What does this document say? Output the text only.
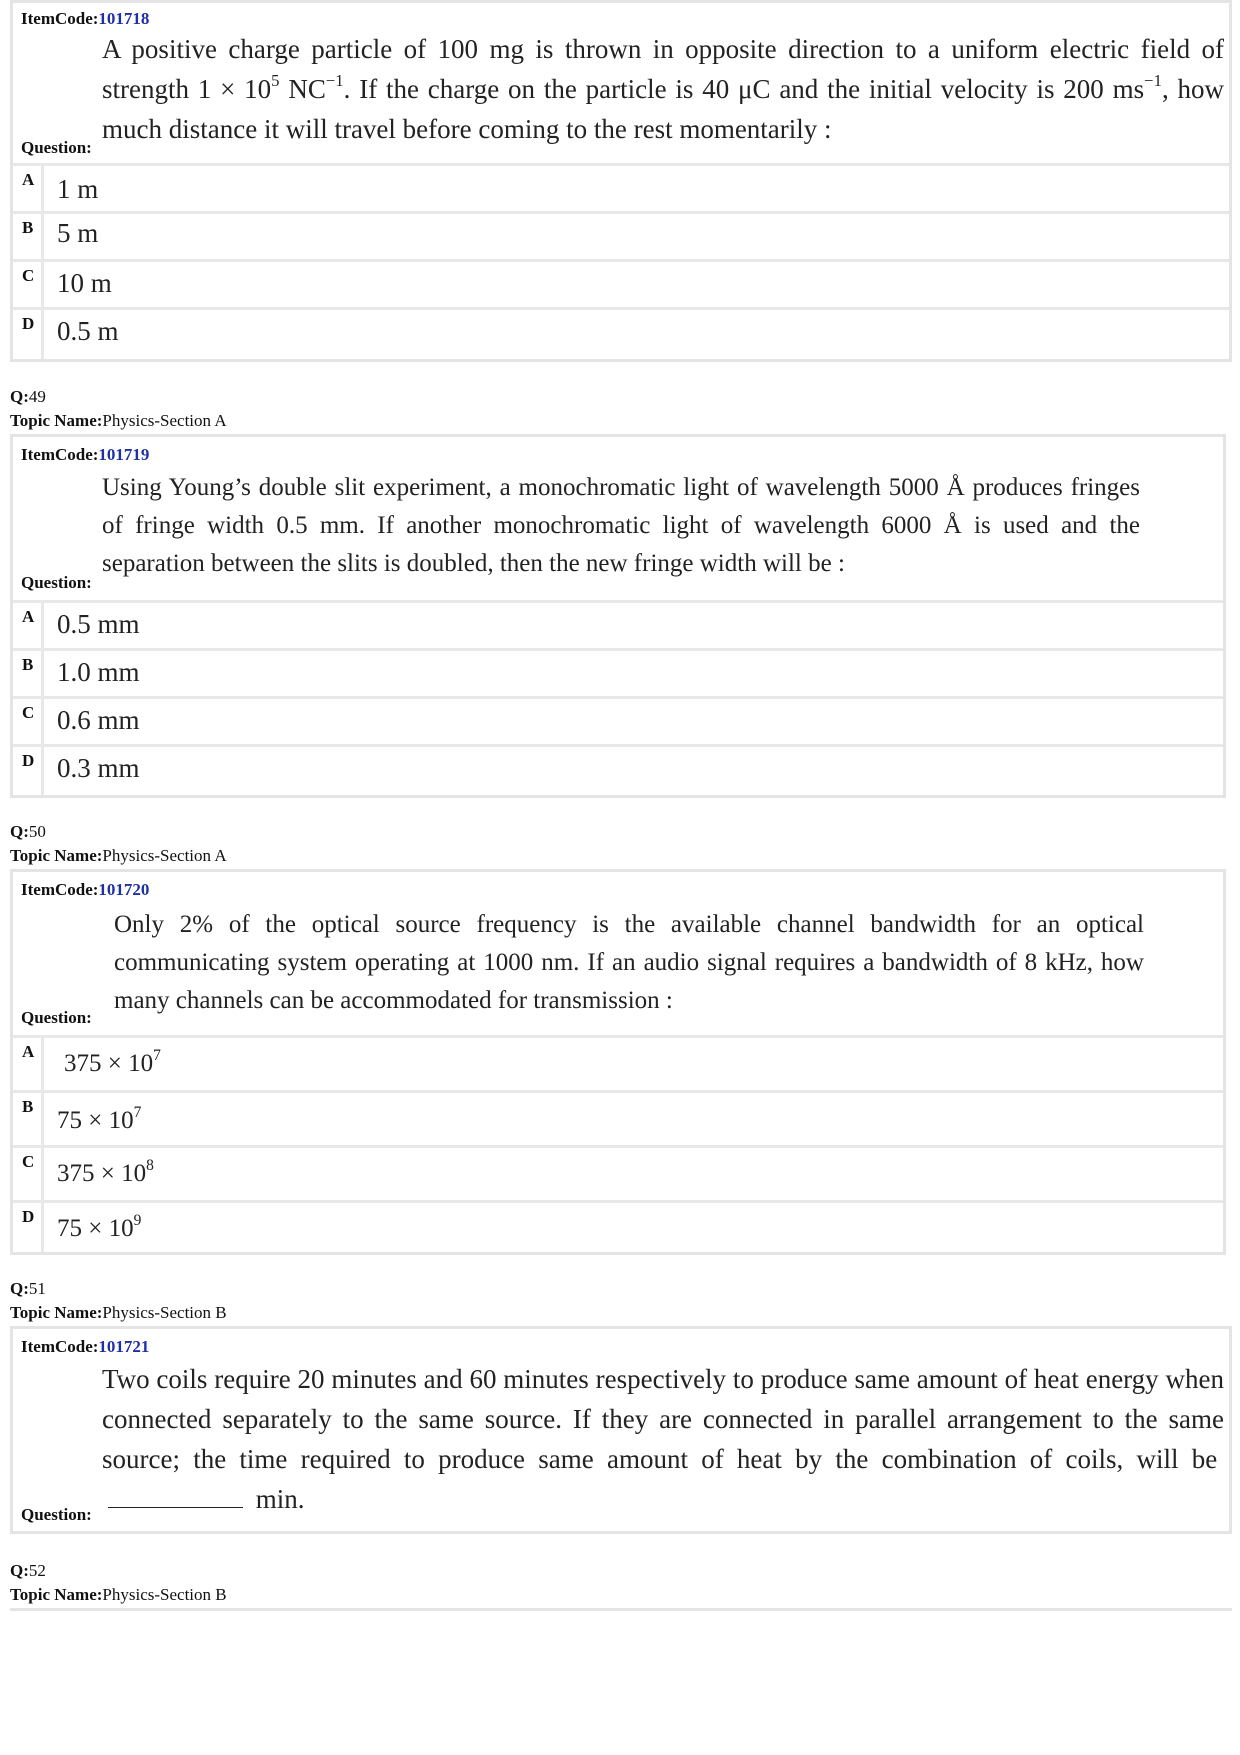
ItemCode:101718
A positive charge particle of 100 mg is thrown in opposite direction to a uniform electric field of strength $1 \times 10^5$ $NC^{-1}$. If the charge on the particle is 40 μC and the initial velocity is 200 $ms^{-1}$, how much distance it will travel before coming to the rest momentarily :
Question:
A 1 m
B 5 m
C 10 m
D 0.5 m
Q:49
Topic Name:Physics-Section A
ItemCode:101719
Using Young’s double slit experiment, a monochromatic light of wavelength 5000 Å produces fringes of fringe width 0.5 mm. If another monochromatic light of wavelength 6000 Å is used and the separation between the slits is doubled, then the new fringe width will be :
Question:
A 0.5 mm
B 1.0 mm
C 0.6 mm
D 0.3 mm
Q:50
Topic Name:Physics-Section A
ItemCode:101720
Only 2% of the optical source frequency is the available channel bandwidth for an optical communicating system operating at 1000 nm. If an audio signal requires a bandwidth of 8 kHz, how many channels can be accommodated for transmission :
Question:
A $375 \times 10^7$
B
$75 \times 10^7$
C $375 \times 10^8$
D $75 \times 10^9$
Q:51
Topic Name:Physics-Section B
ItemCode:101721
Two coils require 20 minutes and 60 minutes respectively to produce same amount of heat energy when connected separately to the same source. If they are connected in parallel arrangement to the same source; the time required to produce same amount of heat by the combination of coils, will be  min.
Question:
Q:52
Topic Name:Physics-Section B
